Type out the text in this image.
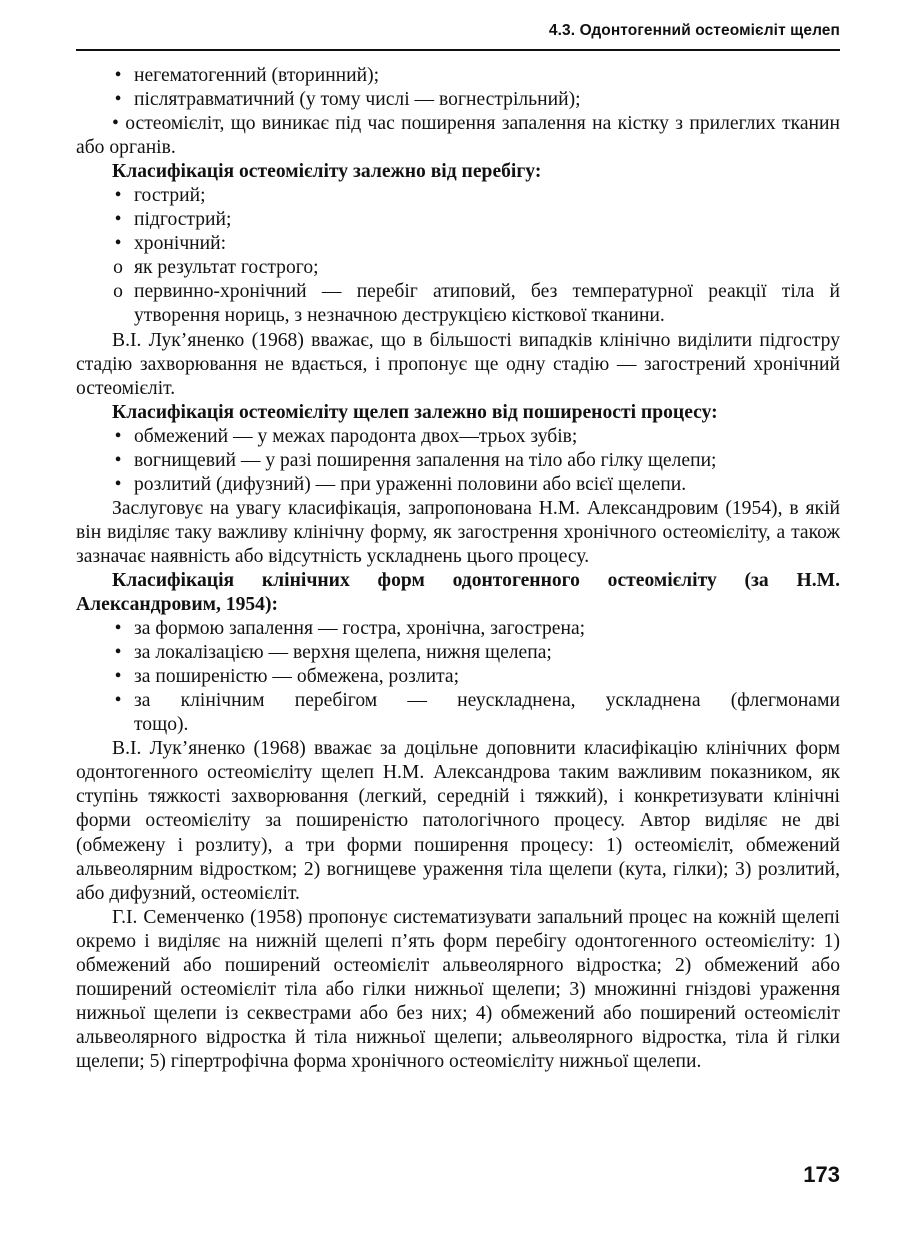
4.3. Одонтогенний остеомієліт щелеп
• негематогенний (вторинний);
• післятравматичний (у тому числі — вогнестрільний);

• остеомієліт, що виникає під час поширення запалення на кістку з прилеглих тканин або органів.

Класифікація остеомієліту залежно від перебігу:

• гострий;
• підгострий;
• хронічний:
o як результат гострого;
o первинно-хронічний — перебіг атиповий, без температурної реакції тіла й утворення нориць, з незначною деструкцією кісткової тканини.

В.І. Лук’яненко (1968) вважає, що в більшості випадків клінічно виділити підгостру стадію захворювання не вдається, і пропонує ще одну стадію — загострений хронічний остеомієліт.

Класифікація остеомієліту щелеп залежно від поширеності процесу:

• обмежений — у межах пародонта двох—трьох зубів;
• вогнищевий — у разі поширення запалення на тіло або гілку щелепи;
• розлитий (дифузний) — при ураженні половини або всієї щелепи.

Заслуговує на увагу класифікація, запропонована Н.М. Александровим (1954), в якій він виділяє таку важливу клінічну форму, як загострення хронічного остеомієліту, а також зазначає наявність або відсутність ускладнень цього процесу.

Класифікація клінічних форм одонтогенного остеомієліту (за Н.М. Александровим, 1954):

• за формою запалення — гостра, хронічна, загострена;
• за локалізацією — верхня щелепа, нижня щелепа;
• за поширеністю — обмежена, розлита;
• за клінічним перебігом — неускладнена, ускладнена (флегмонами тощо).

В.І. Лук’яненко (1968) вважає за доцільне доповнити класифікацію клінічних форм одонтогенного остеомієліту щелеп Н.М. Александрова таким важливим показником, як ступінь тяжкості захворювання (легкий, середній і тяжкий), і конкретизувати клінічні форми остеомієліту за поширеністю патологічного процесу. Автор виділяє не дві (обмежену і розлиту), а три форми поширення процесу: 1) остеомієліт, обмежений альвеолярним відростком; 2) вогнищеве ураження тіла щелепи (кута, гілки); 3) розлитий, або дифузний, остеомієліт.

Г.І. Семенченко (1958) пропонує систематизувати запальний процес на кожній щелепі окремо і виділяє на нижній щелепі п’ять форм перебігу одонтогенного остеомієліту: 1) обмежений або поширений остеомієліт альвеолярного відростка; 2) обмежений або поширений остеомієліт тіла або гілки нижньої щелепи; 3) множинні гніздові ураження нижньої щелепи із секвестрами або без них; 4) обмежений або поширений остеомієліт альвеолярного відростка й тіла нижньої щелепи; альвеолярного відростка, тіла й гілки щелепи; 5) гіпертрофічна форма хронічного остеомієліту нижньої щелепи.

173
